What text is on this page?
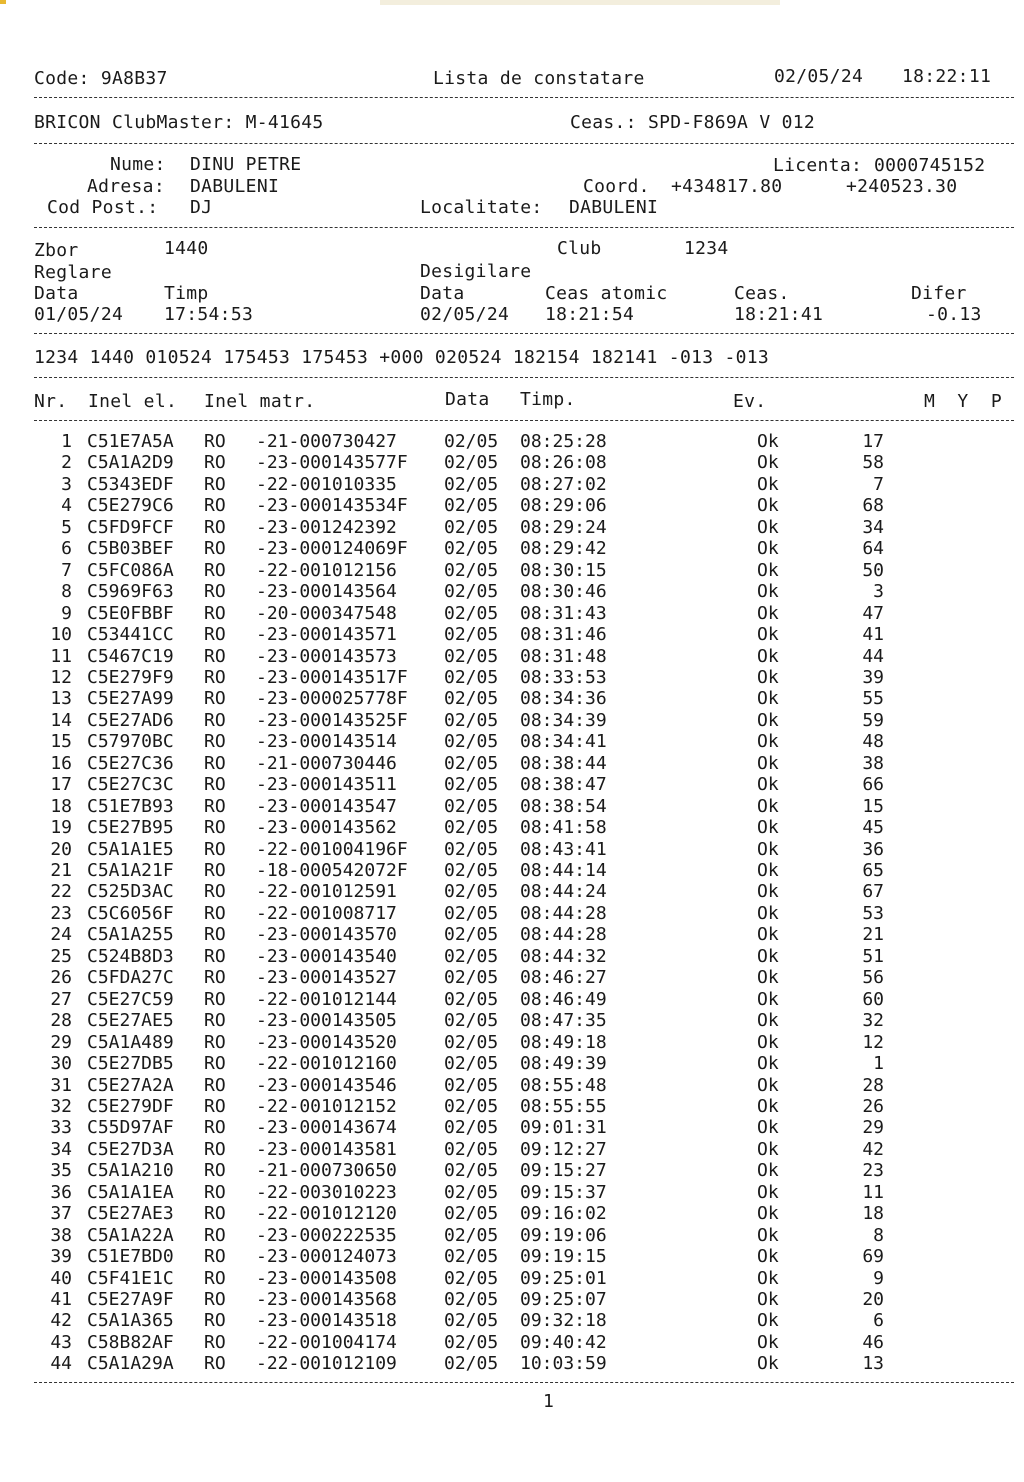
Code: 9A8B37	Lista de constatare	02/05/24 18:22:11
BRICON ClubMaster: M-41645	Ceas.: SPD-F869A V 012
Nume: DINU PETRE	Licenta: 0000745152
Adresa: DABULENI	Coord. +434817.80	+240523.30
Cod Post.: DJ	Localitate: DABULENI
Zbor	1440	Club	1234
Reglare	Desigilare
Data	Timp	Data	Ceas atomic	Ceas.	Difer
01/05/24 17:54:53	02/05/24 18:21:54	18:21:41	-0.13
1234 1440 010524 175453 175453 +000 020524 182154 182141 -013 -013
Nr. Inel el. Inel matr.	Data Timp.	Ev.	M  Y  P
1 C51E7A5A RO -21-000730427	02/05 08:25:28	Ok	17
2 C5A1A2D9 RO -23-000143577F 02/05 08:26:08	Ok	58
3 C5343EDF RO -22-001010335	02/05 08:27:02	Ok	7
4 C5E279C6 RO -23-000143534F 02/05 08:29:06	Ok	68
5 C5FD9FCF RO -23-001242392	02/05 08:29:24	Ok	34
6 C5B03BEF RO -23-000124069F 02/05 08:29:42	Ok	64
7 C5FC086A RO -22-001012156	02/05 08:30:15	Ok	50
8 C5969F63 RO -23-000143564	02/05 08:30:46	Ok	3
9 C5E0FBBF RO -20-000347548	02/05 08:31:43	Ok	47
10 C53441CC RO -23-000143571	02/05 08:31:46	Ok	41
11 C5467C19 RO -23-000143573	02/05 08:31:48	Ok	44
12 C5E279F9 RO -23-000143517F 02/05 08:33:53	Ok	39
13 C5E27A99 RO -23-000025778F 02/05 08:34:36	Ok	55
14 C5E27AD6 RO -23-000143525F 02/05 08:34:39	Ok	59
15 C57970BC RO -23-000143514	02/05 08:34:41	Ok	48
16 C5E27C36 RO -21-000730446	02/05 08:38:44	Ok	38
17 C5E27C3C RO -23-000143511	02/05 08:38:47	Ok	66
18 C51E7B93 RO -23-000143547	02/05 08:38:54	Ok	15
19 C5E27B95 RO -23-000143562	02/05 08:41:58	Ok	45
20 C5A1A1E5 RO -22-001004196F 02/05 08:43:41	Ok	36
21 C5A1A21F RO -18-000542072F 02/05 08:44:14	Ok	65
22 C525D3AC RO -22-001012591	02/05 08:44:24	Ok	67
23 C5C6056F RO -22-001008717	02/05 08:44:28	Ok	53
24 C5A1A255 RO -23-000143570	02/05 08:44:28	Ok	21
25 C524B8D3 RO -23-000143540	02/05 08:44:32	Ok	51
26 C5FDA27C RO -23-000143527	02/05 08:46:27	Ok	56
27 C5E27C59 RO -22-001012144	02/05 08:46:49	Ok	60
28 C5E27AE5 RO -23-000143505	02/05 08:47:35	Ok	32
29 C5A1A489 RO -23-000143520	02/05 08:49:18	Ok	12
30 C5E27DB5 RO -22-001012160	02/05 08:49:39	Ok	1
31 C5E27A2A RO -23-000143546	02/05 08:55:48	Ok	28
32 C5E279DF RO -22-001012152	02/05 08:55:55	Ok	26
33 C55D97AF RO -23-000143674	02/05 09:01:31	Ok	29
34 C5E27D3A RO -23-000143581	02/05 09:12:27	Ok	42
35 C5A1A210 RO -21-000730650	02/05 09:15:27	Ok	23
36 C5A1A1EA RO -22-003010223	02/05 09:15:37	Ok	11
37 C5E27AE3 RO -22-001012120	02/05 09:16:02	Ok	18
38 C5A1A22A RO -23-000222535	02/05 09:19:06	Ok	8
39 C51E7BD0 RO -23-000124073	02/05 09:19:15	Ok	69
40 C5F41E1C RO -23-000143508	02/05 09:25:01	Ok	9
41 C5E27A9F RO -23-000143568	02/05 09:25:07	Ok	20
42 C5A1A365 RO -23-000143518	02/05 09:32:18	Ok	6
43 C58B82AF RO -22-001004174	02/05 09:40:42	Ok	46
44 C5A1A29A RO -22-001012109	02/05 10:03:59	Ok	13
1
